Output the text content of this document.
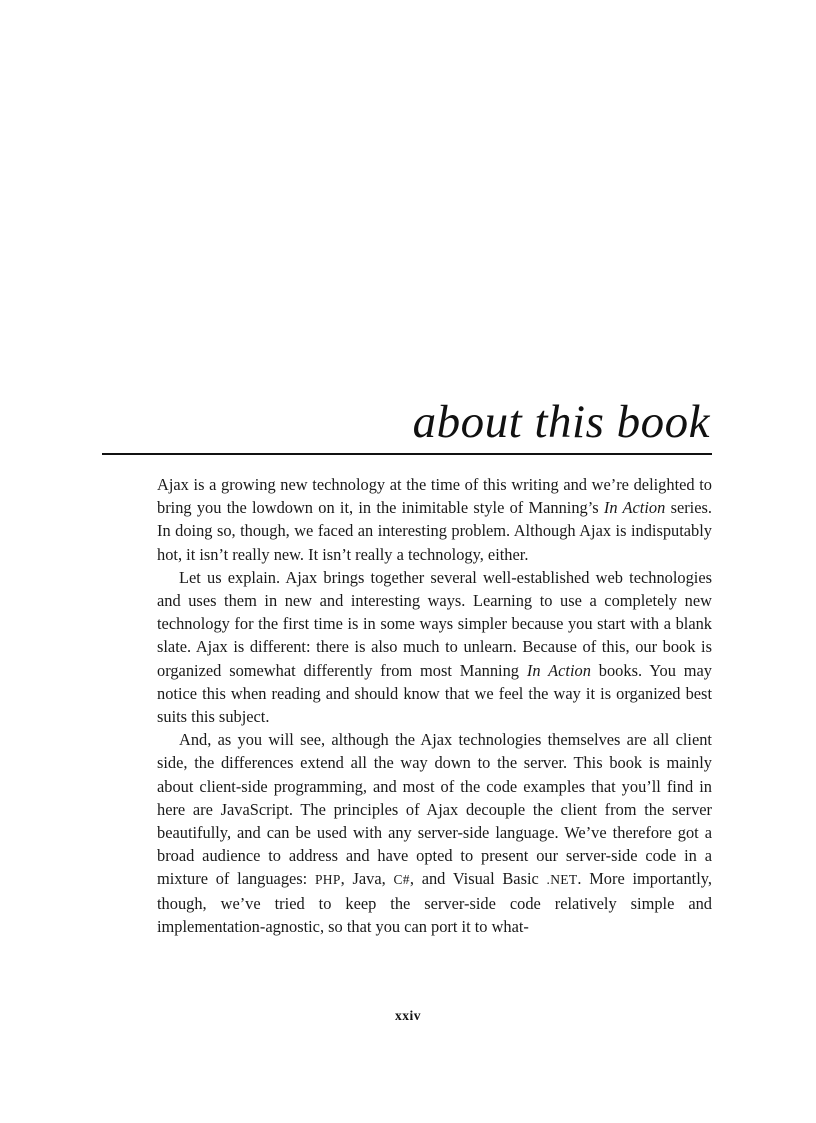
about this book

Ajax is a growing new technology at the time of this writing and we’re delighted to bring you the lowdown on it, in the inimitable style of Manning’s In Action series. In doing so, though, we faced an interesting problem. Although Ajax is indisputably hot, it isn’t really new. It isn’t really a technology, either.

Let us explain. Ajax brings together several well-established web technologies and uses them in new and interesting ways. Learning to use a completely new technology for the first time is in some ways simpler because you start with a blank slate. Ajax is different: there is also much to unlearn. Because of this, our book is organized somewhat differently from most Manning In Action books. You may notice this when reading and should know that we feel the way it is organized best suits this subject.

And, as you will see, although the Ajax technologies themselves are all client side, the differences extend all the way down to the server. This book is mainly about client-side programming, and most of the code examples that you’ll find in here are JavaScript. The principles of Ajax decouple the client from the server beautifully, and can be used with any server-side language. We’ve therefore got a broad audience to address and have opted to present our server-side code in a mixture of languages: PHP, Java, C#, and Visual Basic .NET. More importantly, though, we’ve tried to keep the server-side code relatively simple and implementation-agnostic, so that you can port it to what-

xxiv
